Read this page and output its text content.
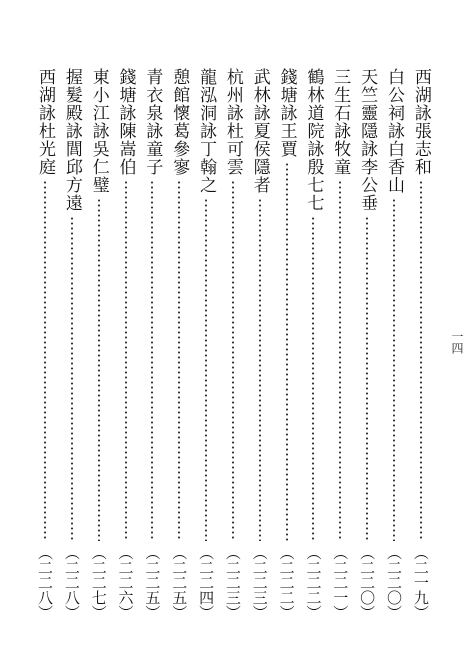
西湖詠張志和
（二一九）
白公祠詠白香山
（二二〇）
天竺靈隱詠李公垂
（二二〇）
三生石詠牧童
（二二一）
鶴林道院詠殷七七
（二二二）
錢塘詠王賈
（二二二）
武林詠夏侯隱者
（二二三）
杭州詠杜可雲
（二二三）
龍泓洞詠丁翰之
（二二四）
憩館懷葛參寥
（二二五）
青衣泉詠童子
（二二五）
錢塘詠陳嵩伯
（二二六）
東小江詠吳仁璧
（二二七）
握髮殿詠閭邱方遠
（二二八）
西湖詠杜光庭
（二二八）
一四
